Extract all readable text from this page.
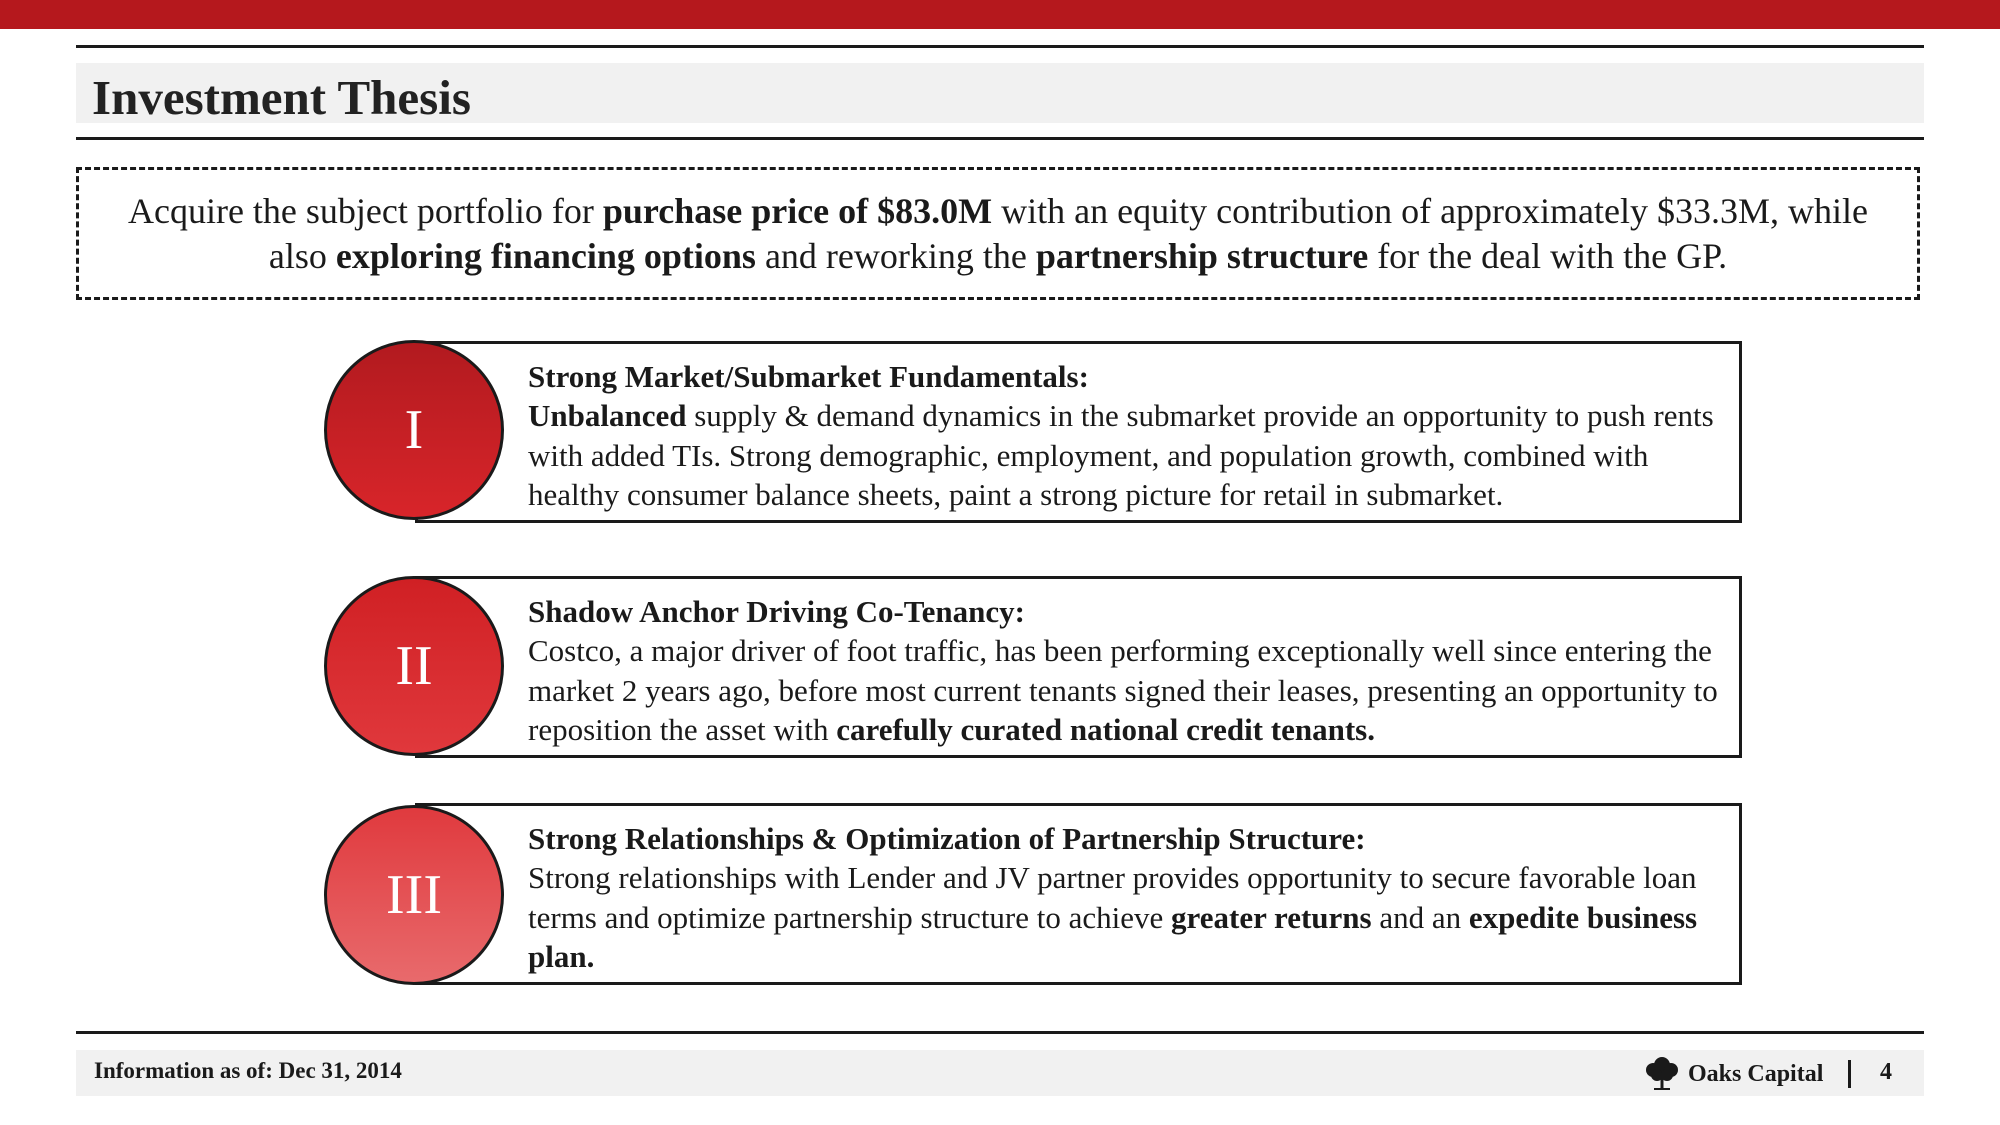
Investment Thesis
Acquire the subject portfolio for purchase price of $83.0M with an equity contribution of approximately $33.3M, while
also exploring financing options and reworking the partnership structure for the deal with the GP.
I
Strong Market/Submarket Fundamentals:
Unbalanced supply & demand dynamics in the submarket provide an opportunity to push rents with added TIs. Strong demographic, employment, and population growth, combined with healthy consumer balance sheets, paint a strong picture for retail in submarket.
II
Shadow Anchor Driving Co-Tenancy:
Costco, a major driver of foot traffic, has been performing exceptionally well since entering the market 2 years ago, before most current tenants signed their leases, presenting an opportunity to reposition the asset with carefully curated national credit tenants.
III
Strong Relationships & Optimization of Partnership Structure:
Strong relationships with Lender and JV partner provides opportunity to secure favorable loan terms and optimize partnership structure to achieve greater returns and an expedite business plan.
Information as of: Dec 31, 2014	Oaks Capital 4
